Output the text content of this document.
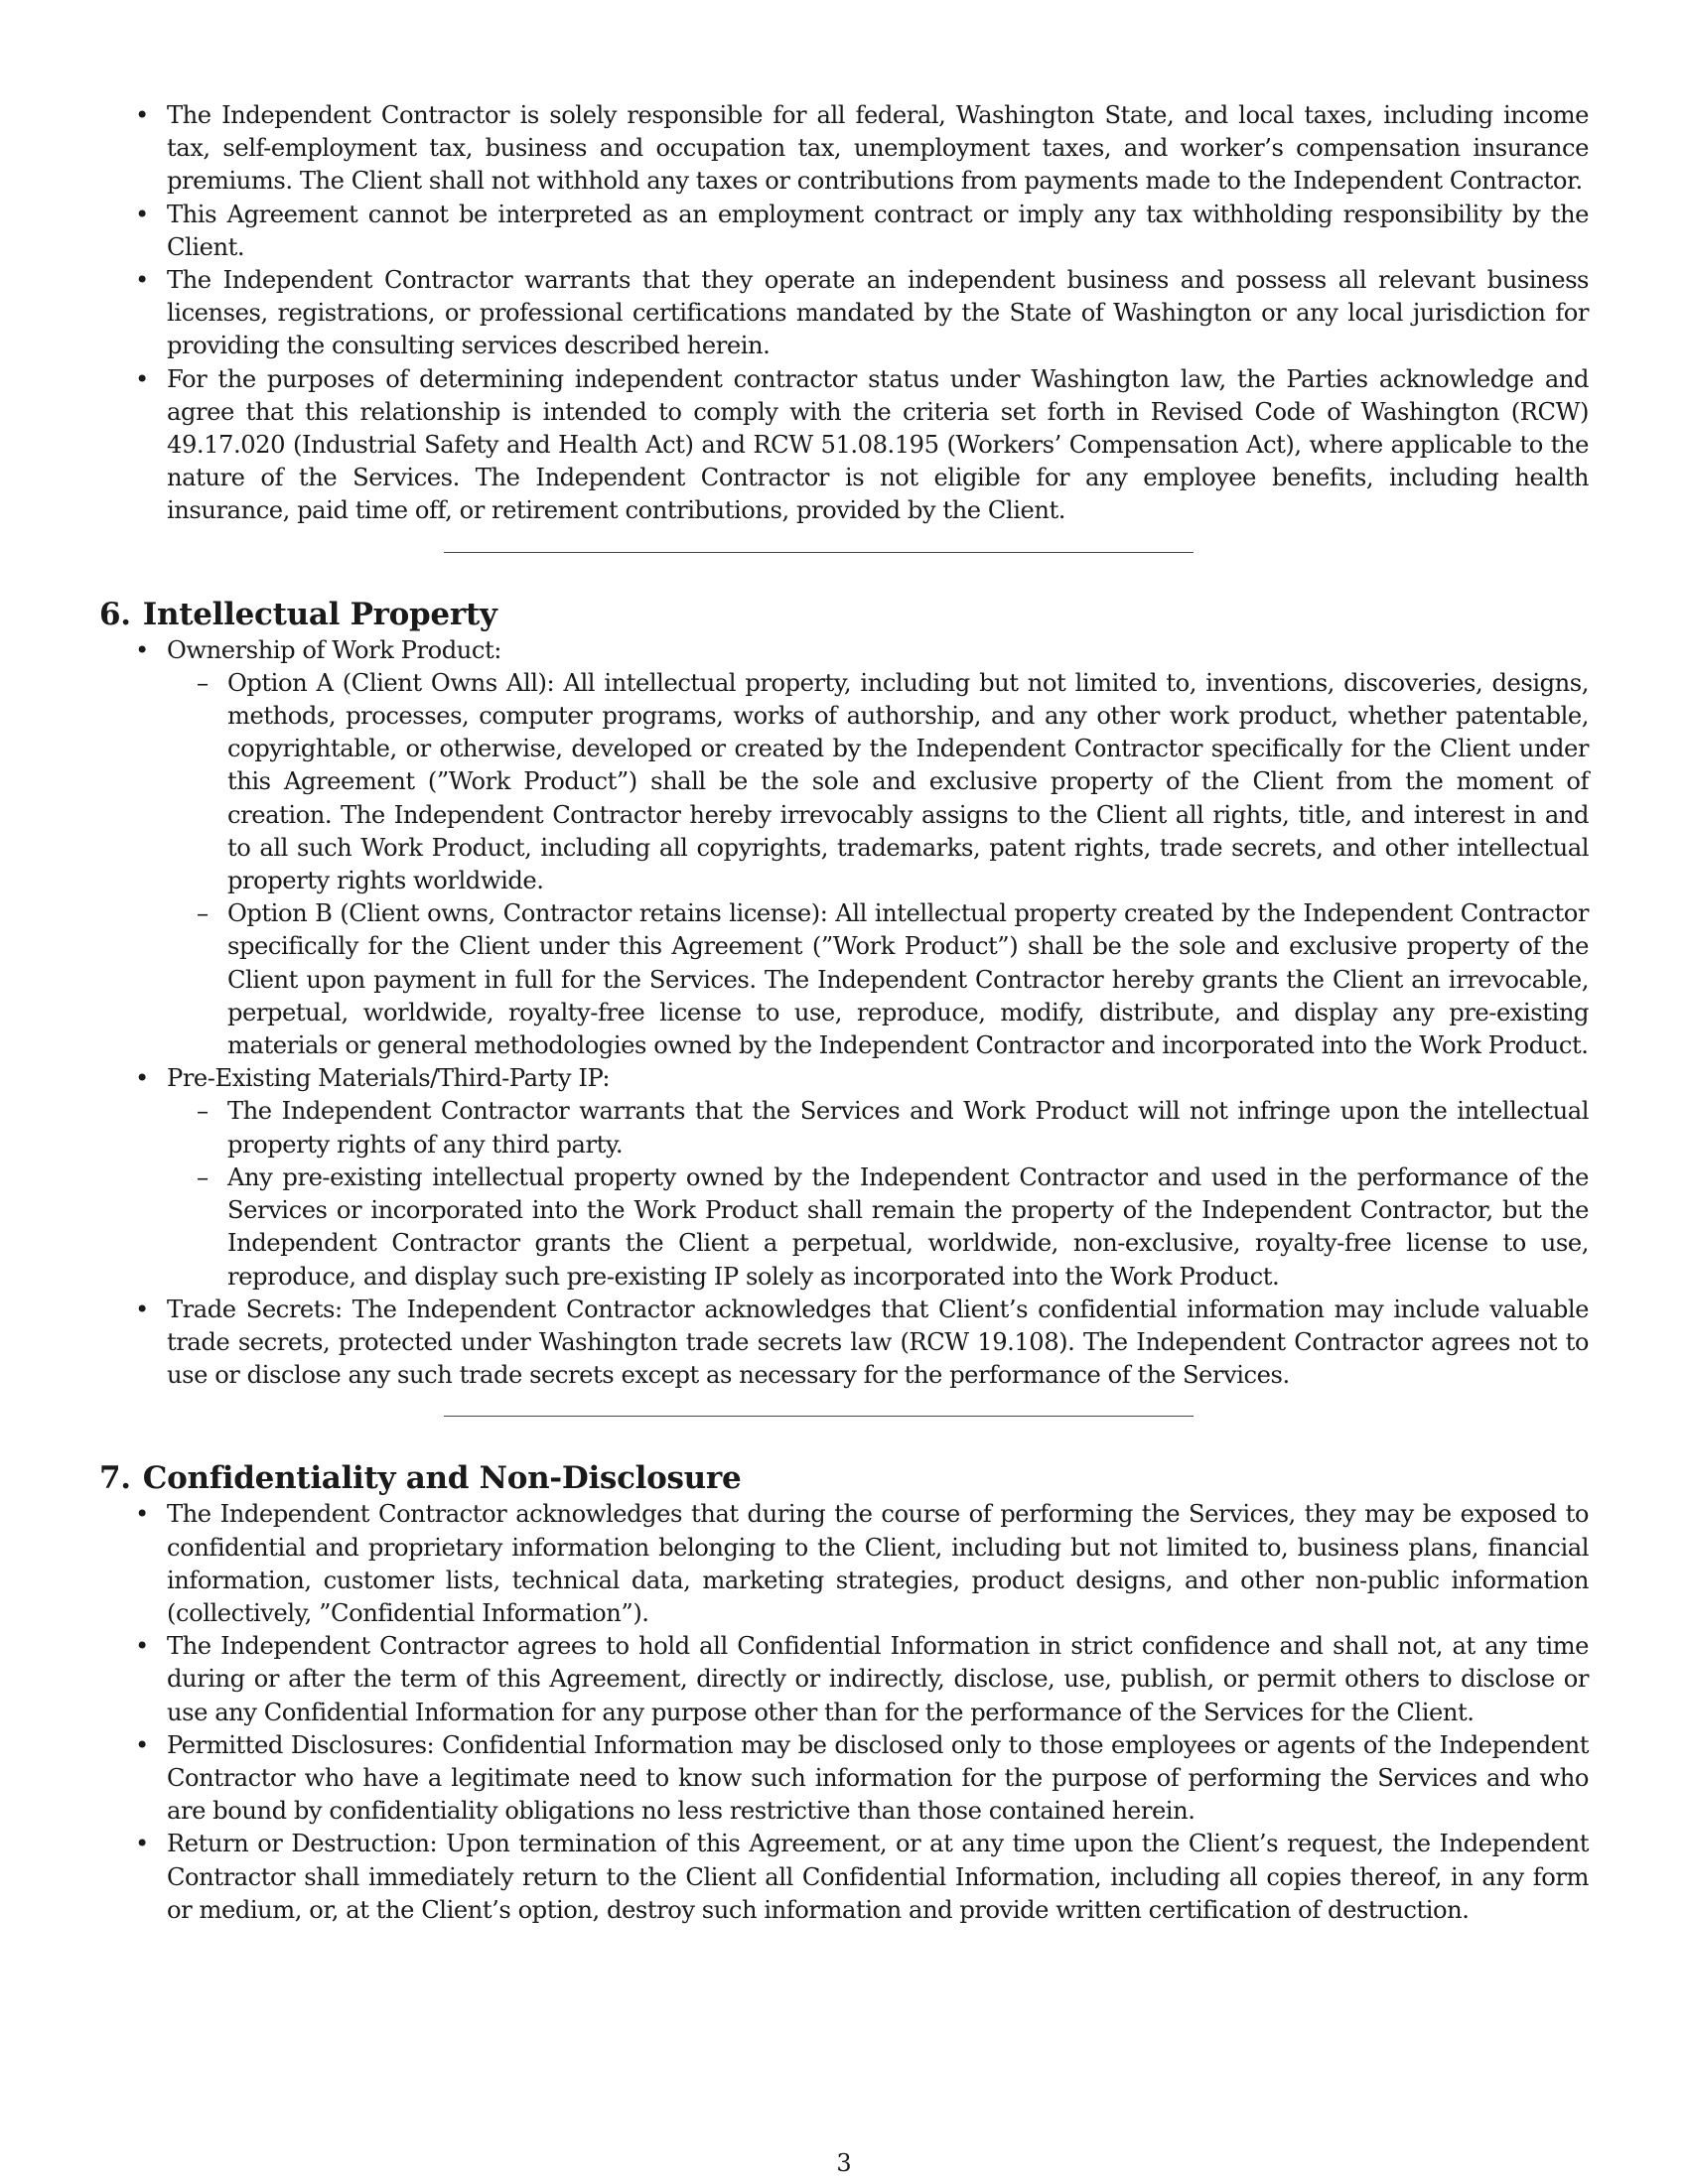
• The Independent Contractor is solely responsible for all federal, Washington State, and local taxes, including income tax, self-employment tax, business and occupation tax, unemployment taxes, and worker’s compensation insurance premiums. The Client shall not withhold any taxes or contributions from payments made to the Independent Contractor.
• This Agreement cannot be interpreted as an employment contract or imply any tax withholding responsibility by the Client.
• The Independent Contractor warrants that they operate an independent business and possess all relevant business licenses, registrations, or professional certifications mandated by the State of Washington or any local jurisdiction for providing the consulting services described herein.
• For the purposes of determining independent contractor status under Washington law, the Parties acknowledge and agree that this relationship is intended to comply with the criteria set forth in Revised Code of Washington (RCW) 49.17.020 (Industrial Safety and Health Act) and RCW 51.08.195 (Workers’ Compensation Act), where applicable to the nature of the Services. The Independent Contractor is not eligible for any employee benefits, including health insurance, paid time off, or retirement contributions, provided by the Client.
6. Intellectual Property
• Ownership of Work Product:
– Option A (Client Owns All): All intellectual property, including but not limited to, inventions, discoveries, designs, methods, processes, computer programs, works of authorship, and any other work product, whether patentable, copyrightable, or otherwise, developed or created by the Independent Contractor specifically for the Client under this Agreement (”Work Product”) shall be the sole and exclusive property of the Client from the moment of creation. The Independent Contractor hereby irrevocably assigns to the Client all rights, title, and interest in and to all such Work Product, including all copyrights, trademarks, patent rights, trade secrets, and other intellectual property rights worldwide.
– Option B (Client owns, Contractor retains license): All intellectual property created by the Independent Contractor specifically for the Client under this Agreement (”Work Product”) shall be the sole and exclusive property of the Client upon payment in full for the Services. The Independent Contractor hereby grants the Client an irrevocable, perpetual, worldwide, royalty-free license to use, reproduce, modify, distribute, and display any pre-existing materials or general methodologies owned by the Independent Contractor and incorporated into the Work Product.
• Pre-Existing Materials/Third-Party IP:
– The Independent Contractor warrants that the Services and Work Product will not infringe upon the intellectual property rights of any third party.
– Any pre-existing intellectual property owned by the Independent Contractor and used in the performance of the Services or incorporated into the Work Product shall remain the property of the Independent Contractor, but the Independent Contractor grants the Client a perpetual, worldwide, non-exclusive, royalty-free license to use, reproduce, and display such pre-existing IP solely as incorporated into the Work Product.
• Trade Secrets: The Independent Contractor acknowledges that Client’s confidential information may include valuable trade secrets, protected under Washington trade secrets law (RCW 19.108). The Independent Contractor agrees not to use or disclose any such trade secrets except as necessary for the performance of the Services.
7. Confidentiality and Non-Disclosure
• The Independent Contractor acknowledges that during the course of performing the Services, they may be exposed to confidential and proprietary information belonging to the Client, including but not limited to, business plans, financial information, customer lists, technical data, marketing strategies, product designs, and other non-public information (collectively, ”Confidential Information”).
• The Independent Contractor agrees to hold all Confidential Information in strict confidence and shall not, at any time during or after the term of this Agreement, directly or indirectly, disclose, use, publish, or permit others to disclose or use any Confidential Information for any purpose other than for the performance of the Services for the Client.
• Permitted Disclosures: Confidential Information may be disclosed only to those employees or agents of the Independent Contractor who have a legitimate need to know such information for the purpose of performing the Services and who are bound by confidentiality obligations no less restrictive than those contained herein.
• Return or Destruction: Upon termination of this Agreement, or at any time upon the Client’s request, the Independent Contractor shall immediately return to the Client all Confidential Information, including all copies thereof, in any form or medium, or, at the Client’s option, destroy such information and provide written certification of destruction.
3
